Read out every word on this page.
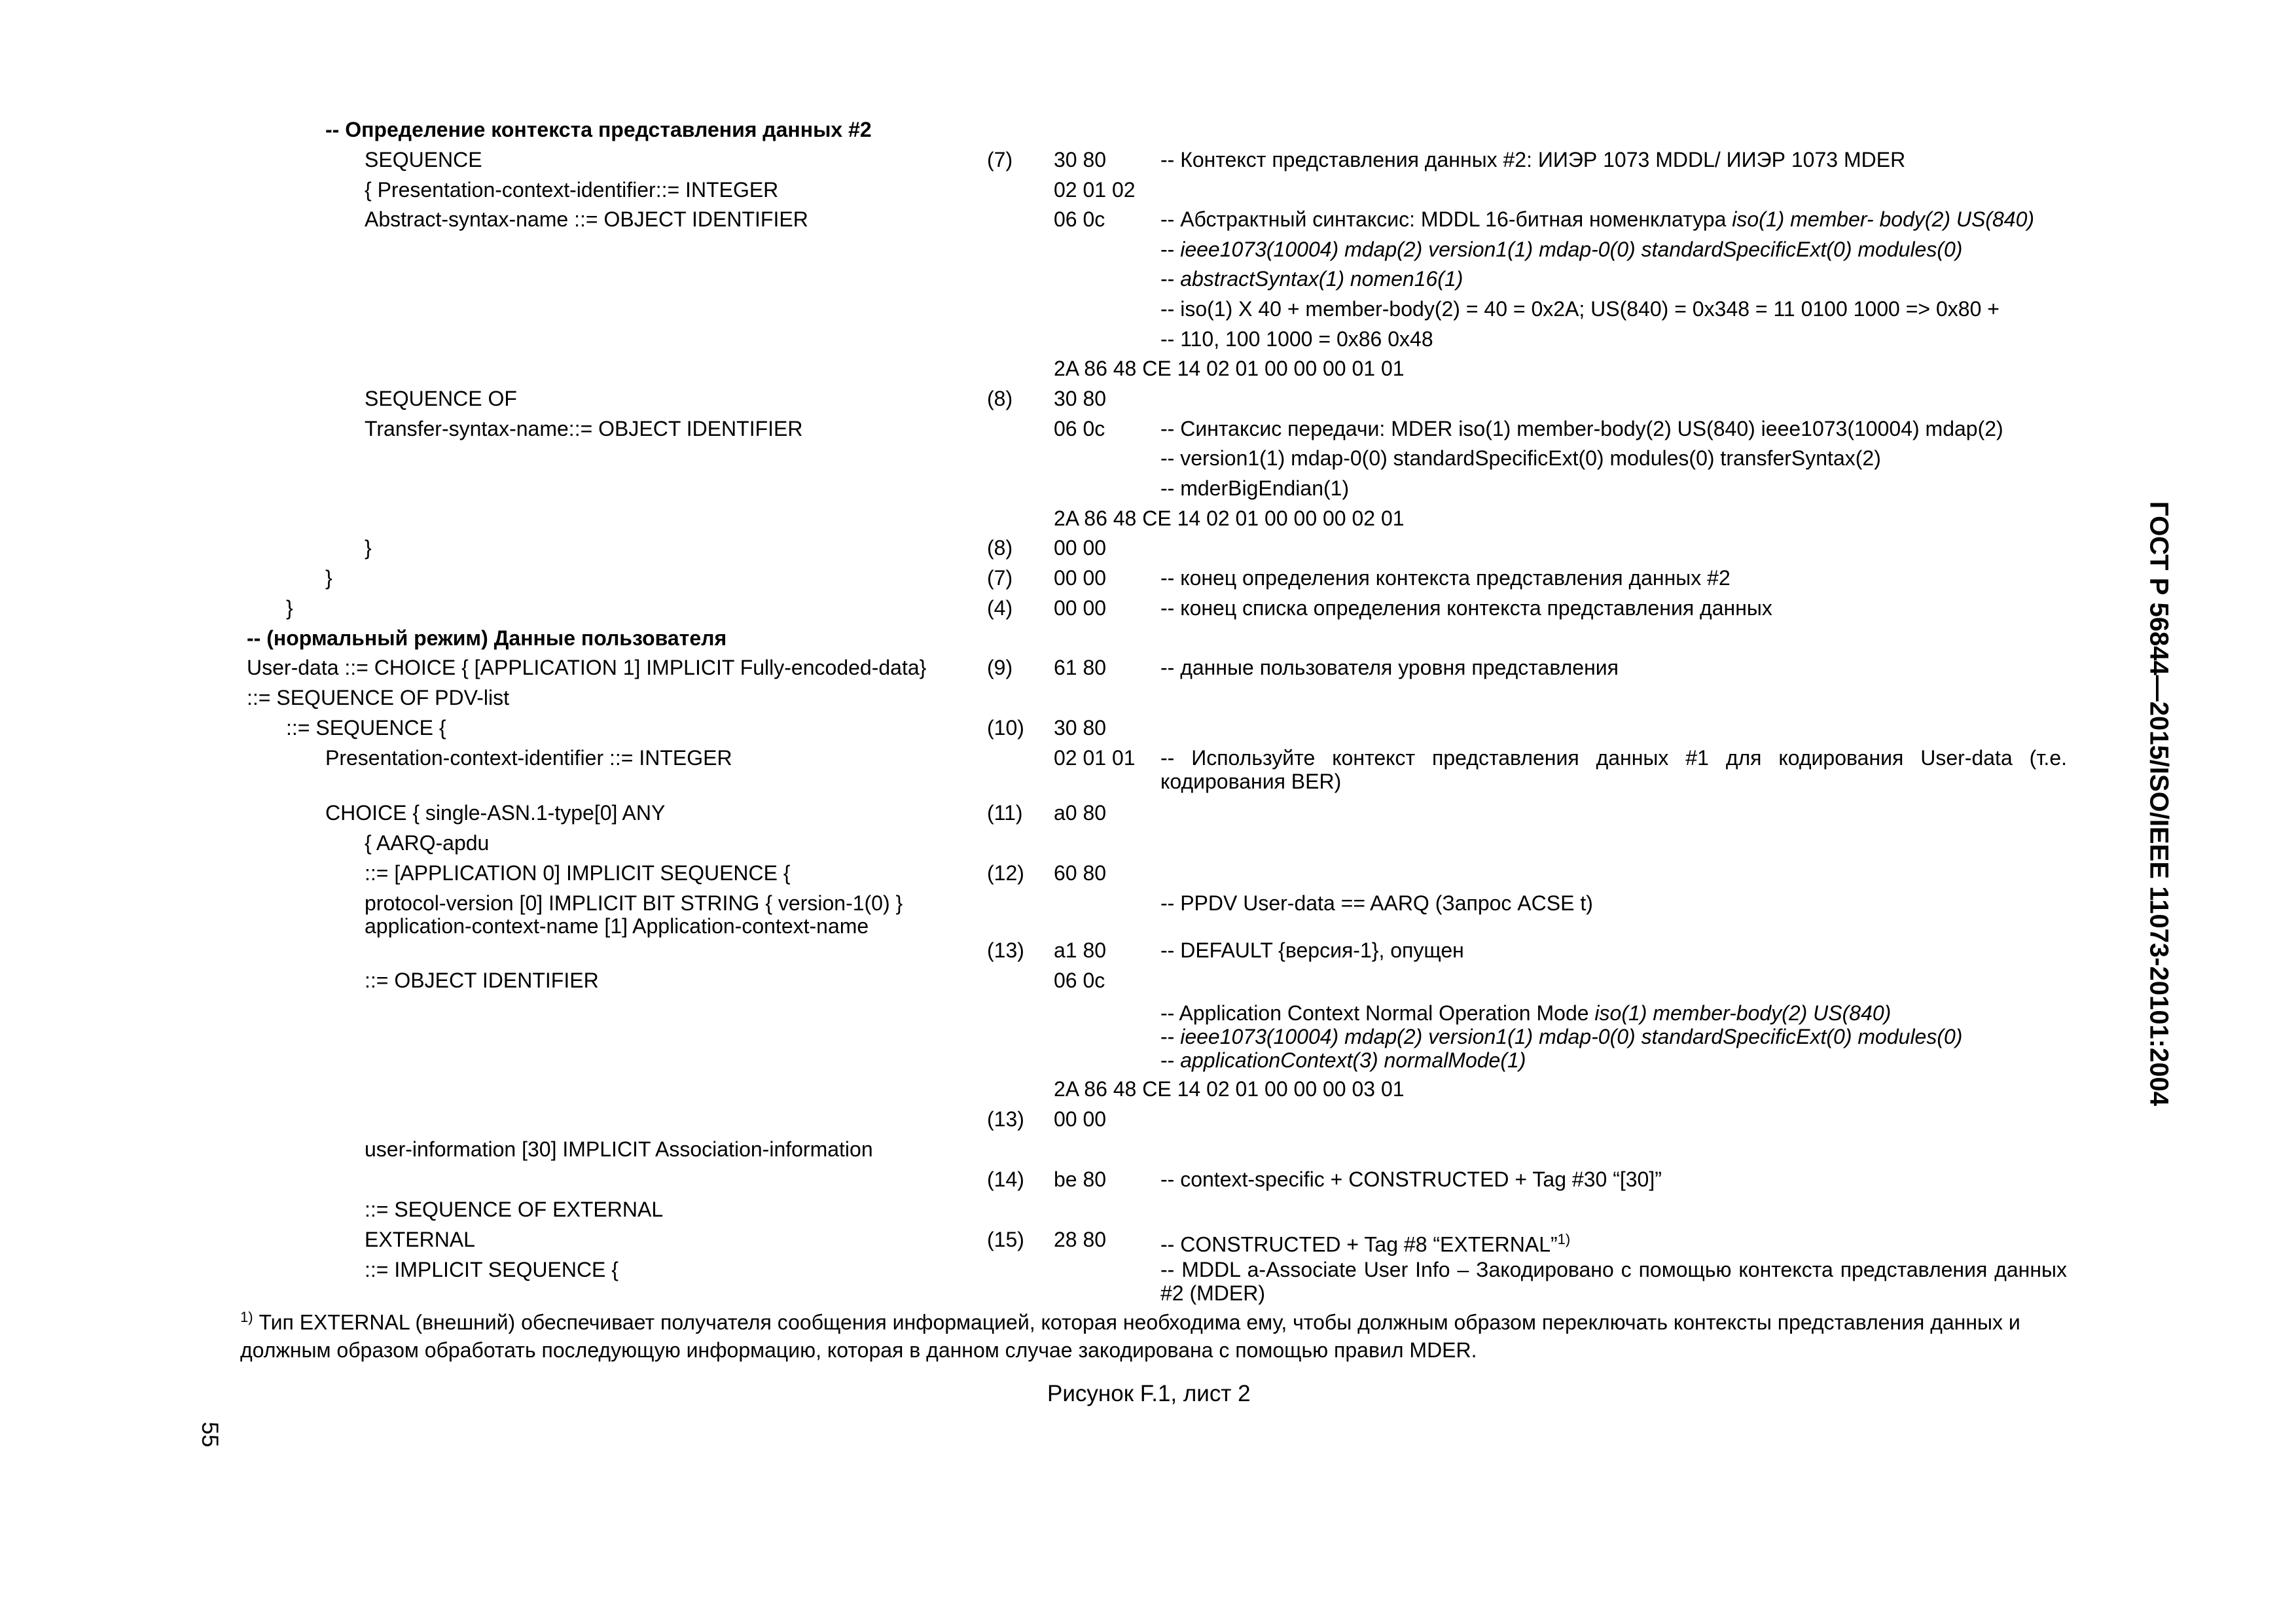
-- Определение контекста представления данных #2
SEQUENCE	(7) 30 80	-- Контекст представления данных #2: ИИЭР 1073 MDDL/ ИИЭР 1073 MDER
{ Presentation-context-identifier::= INTEGER	02 01 02
Abstract-syntax-name ::= OBJECT IDENTIFIER	06 0c	-- Абстрактный синтаксис: MDDL 16-битная номенклатура iso(1) member- body(2) US(840)
-- ieee1073(10004) mdap(2) version1(1) mdap-0(0) standardSpecificExt(0) modules(0)
-- abstractSyntax(1) nomen16(1)
-- iso(1) X 40 + member-body(2) = 40 = 0x2A; US(840) = 0x348 = 11 0100 1000 => 0x80 +
-- 110, 100 1000 = 0x86 0x48
2A 86 48 CE 14 02 01 00 00 00 01 01
SEQUENCE OF	(8) 30 80
Transfer-syntax-name::= OBJECT IDENTIFIER	06 0c	-- Синтаксис передачи: MDER iso(1) member-body(2) US(840) ieee1073(10004) mdap(2)
-- version1(1) mdap-0(0) standardSpecificExt(0) modules(0) transferSyntax(2)
-- mderBigEndian(1)
2A 86 48 CE 14 02 01 00 00 00 02 01
}	(8) 00 00
}	(7) 00 00	-- конец определения контекста представления данных #2
}	(4) 00 00	-- конец списка определения контекста представления данных
-- (нормальный режим) Данные пользователя
User-data ::= CHOICE { [APPLICATION 1] IMPLICIT Fully-encoded-data}	(9) 61 80	-- данные пользователя уровня представления
::= SEQUENCE OF PDV-list
::= SEQUENCE {	(10) 30 80
Presentation-context-identifier ::= INTEGER	02 01 01 -- Используйте контекст представления данных #1 для кодирования User-data (т.е. кодирования BER)
CHOICE { single-ASN.1-type[0] ANY	(11) a0 80
{ AARQ-apdu
::= [APPLICATION 0] IMPLICIT SEQUENCE {	(12) 60 80
protocol-version [0] IMPLICIT BIT STRING { version-1(0) }	-- PPDV User-data == AARQ (Запрос ACSE t)
application-context-name [1] Application-context-name
(13) a1 80	-- DEFAULT {версия-1}, опущен
::= OBJECT IDENTIFIER	06 0c
-- Application Context Normal Operation Mode iso(1) member-body(2) US(840)
-- ieee1073(10004) mdap(2) version1(1) mdap-0(0) standardSpecificExt(0) modules(0)
-- applicationContext(3) normalMode(1)
2A 86 48 CE 14 02 01 00 00 00 03 01
(13) 00 00
user-information [30] IMPLICIT Association-information
(14) be 80	-- context-specific + CONSTRUCTED + Tag #30 “[30]”
::= SEQUENCE OF EXTERNAL
EXTERNAL	(15) 28 80	-- CONSTRUCTED + Tag #8 “EXTERNAL”$^{1)}$
::= IMPLICIT SEQUENCE {	-- MDDL a-Associate User Info – Закодировано с помощью контекста представления данных #2 (MDER)
$^{1)}$ Тип EXTERNAL (внешний) обеспечивает получателя сообщения информацией, которая необходима ему, чтобы должным образом переключать контексты представления данных и должным образом обработать последующую информацию, которая в данном случае закодирована с помощью правил MDER.
Рисунок F.1, лист 2
ГОСТ Р 56844—2015/ISO/IEEE 11073-20101:2004
55
